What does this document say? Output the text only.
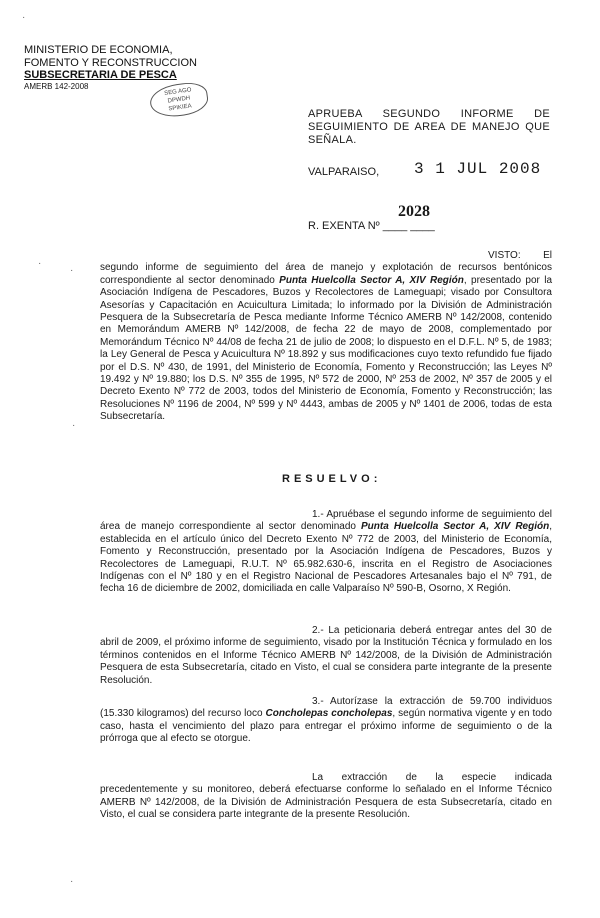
MINISTERIO DE ECONOMIA,
FOMENTO Y RECONSTRUCCION
SUBSECRETARIA DE PESCA
AMERB 142-2008
SEG AGO
DPWDH
SPIKIEA
APRUEBA SEGUNDO INFORME DE SEGUIMIENTO DE AREA DE MANEJO QUE SEÑALA.
VALPARAISO, 3 1 JUL 2008
2028
R. EXENTA Nº ____ ____
VISTO: El segundo informe de seguimiento del área de manejo y explotación de recursos bentónicos correspondiente al sector denominado Punta Huelcolla Sector A, XIV Región, presentado por la Asociación Indígena de Pescadores, Buzos y Recolectores de Lameguapi; visado por Consultora Asesorías y Capacitación en Acuicultura Limitada; lo informado por la División de Administración Pesquera de la Subsecretaría de Pesca mediante Informe Técnico AMERB Nº 142/2008, contenido en Memorándum AMERB Nº 142/2008, de fecha 22 de mayo de 2008, complementado por Memorándum Técnico Nº 44/08 de fecha 21 de julio de 2008; lo dispuesto en el D.F.L. Nº 5, de 1983; la Ley General de Pesca y Acuicultura Nº 18.892 y sus modificaciones cuyo texto refundido fue fijado por el D.S. Nº 430, de 1991, del Ministerio de Economía, Fomento y Reconstrucción; las Leyes Nº 19.492 y Nº 19.880; los D.S. Nº 355 de 1995, Nº 572 de 2000, Nº 253 de 2002, Nº 357 de 2005 y el Decreto Exento Nº 772 de 2003, todos del Ministerio de Economía, Fomento y Reconstrucción; las Resoluciones Nº 1196 de 2004, Nº 599 y Nº 4443, ambas de 2005 y Nº 1401 de 2006, todas de esta Subsecretaría.
RESUELVO:
1.- Apruébase el segundo informe de seguimiento del área de manejo correspondiente al sector denominado Punta Huelcolla Sector A, XIV Región, establecida en el artículo único del Decreto Exento Nº 772 de 2003, del Ministerio de Economía, Fomento y Reconstrucción, presentado por la Asociación Indígena de Pescadores, Buzos y Recolectores de Lameguapi, R.U.T. Nº 65.982.630-6, inscrita en el Registro de Asociaciones Indígenas con el Nº 180 y en el Registro Nacional de Pescadores Artesanales bajo el Nº 791, de fecha 16 de diciembre de 2002, domiciliada en calle Valparaíso Nº 590-B, Osorno, X Región.
2.- La peticionaria deberá entregar antes del 30 de abril de 2009, el próximo informe de seguimiento, visado por la Institución Técnica y formulado en los términos contenidos en el Informe Técnico AMERB Nº 142/2008, de la División de Administración Pesquera de esta Subsecretaría, citado en Visto, el cual se considera parte integrante de la presente Resolución.
3.- Autorízase la extracción de 59.700 individuos (15.330 kilogramos) del recurso loco Concholepas concholepas, según normativa vigente y en todo caso, hasta el vencimiento del plazo para entregar el próximo informe de seguimiento o de la prórroga que al efecto se otorgue.
La extracción de la especie indicada precedentemente y su monitoreo, deberá efectuarse conforme lo señalado en el Informe Técnico AMERB Nº 142/2008, de la División de Administración Pesquera de esta Subsecretaría, citado en Visto, el cual se considera parte integrante de la presente Resolución.
·
·
·
·
·
